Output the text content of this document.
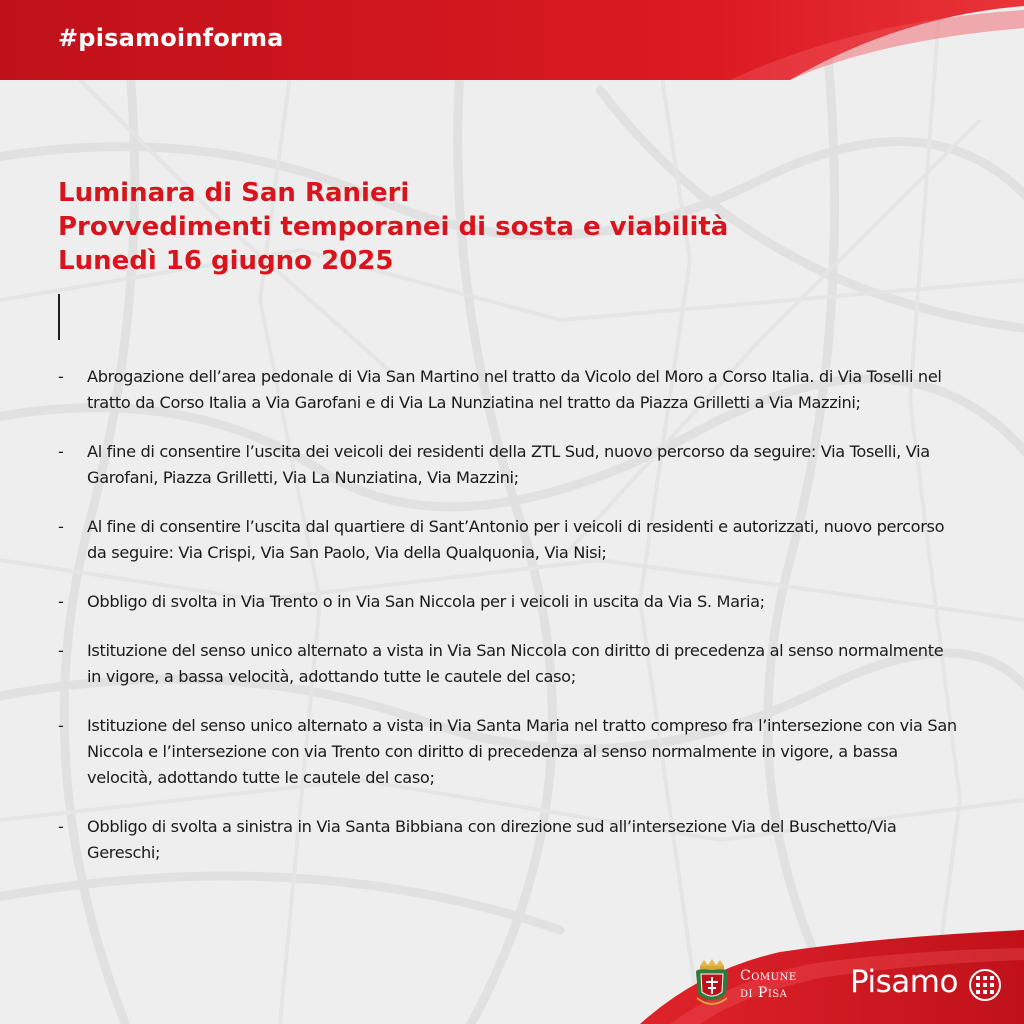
#pisamoinforma
Luminara di San Ranieri
Provvedimenti temporanei di sosta e viabilità
Lunedì 16 giugno 2025
- Abrogazione dell’area pedonale di Via San Martino nel tratto da Vicolo del Moro a Corso Italia. di Via Toselli nel tratto da Corso Italia a Via Garofani e di Via La Nunziatina nel tratto da Piazza Grilletti a Via Mazzini;
- Al fine di consentire l’uscita dei veicoli dei residenti della ZTL Sud, nuovo percorso da seguire: Via Toselli, Via Garofani, Piazza Grilletti, Via La Nunziatina, Via Mazzini;
- Al fine di consentire l’uscita dal quartiere di Sant’Antonio per i veicoli di residenti e autorizzati, nuovo percorso da seguire: Via Crispi, Via San Paolo, Via della Qualquonia, Via Nisi;
- Obbligo di svolta in Via Trento o in Via San Niccola per i veicoli in uscita da Via S. Maria;
- Istituzione del senso unico alternato a vista in Via San Niccola con diritto di precedenza al senso normalmente in vigore, a bassa velocità, adottando tutte le cautele del caso;
- Istituzione del senso unico alternato a vista in Via Santa Maria nel tratto compreso fra l’intersezione con via San Niccola e l’intersezione con via Trento con diritto di precedenza al senso normalmente in vigore, a bassa velocità, adottando tutte le cautele del caso;
- Obbligo di svolta a sinistra in Via Santa Bibbiana con direzione sud all’intersezione Via del Buschetto/Via Gereschi;
Comune
di Pisa Pisamo
